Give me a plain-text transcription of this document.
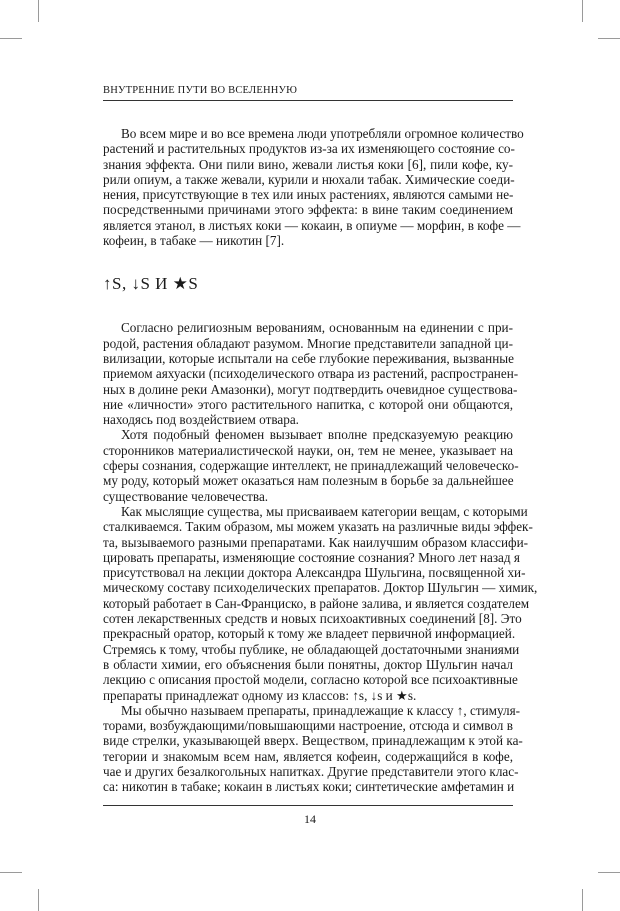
ВНУТРЕННИЕ ПУТИ ВО ВСЕЛЕННУЮ
Во всем мире и во все времена люди употребляли огромное количество
растений и растительных продуктов из-за их изменяющего состояние со-
знания эффекта. Они пили вино, жевали листья коки [6], пили кофе, ку-
рили опиум, а также жевали, курили и нюхали табак. Химические соеди-
нения, присутствующие в тех или иных растениях, являются самыми не-
посредственными причинами этого эффекта: в вине таким соединением
является этанол, в листьях коки — кокаин, в опиуме — морфин, в кофе —
кофеин, в табаке — никотин [7].
↑S, ↓S И ★S
Согласно религиозным верованиям, основанным на единении с при-
родой, растения обладают разумом. Многие представители западной ци-
вилизации, которые испытали на себе глубокие переживания, вызванные
приемом аяхуаски (психоделического отвара из растений, распространен-
ных в долине реки Амазонки), могут подтвердить очевидное существова-
ние «личности» этого растительного напитка, с которой они общаются,
находясь под воздействием отвара.
Хотя подобный феномен вызывает вполне предсказуемую реакцию
сторонников материалистической науки, он, тем не менее, указывает на
сферы сознания, содержащие интеллект, не принадлежащий человеческо-
му роду, который может оказаться нам полезным в борьбе за дальнейшее
существование человечества.
Как мыслящие существа, мы присваиваем категории вещам, с которыми
сталкиваемся. Таким образом, мы можем указать на различные виды эффек-
та, вызываемого разными препаратами. Как наилучшим образом классифи-
цировать препараты, изменяющие состояние сознания? Много лет назад я
присутствовал на лекции доктора Александра Шульгина, посвященной хи-
мическому составу психоделических препаратов. Доктор Шульгин — химик,
который работает в Сан-Франциско, в районе залива, и является создателем
сотен лекарственных средств и новых психоактивных соединений [8]. Это
прекрасный оратор, который к тому же владеет первичной информацией.
Стремясь к тому, чтобы публике, не обладающей достаточными знаниями
в области химии, его объяснения были понятны, доктор Шульгин начал
лекцию с описания простой модели, согласно которой все психоактивные
препараты принадлежат одному из классов: ↑s, ↓s и ★s.
Мы обычно называем препараты, принадлежащие к классу ↑, стимуля-
торами, возбуждающими/повышающими настроение, отсюда и символ в
виде стрелки, указывающей вверх. Веществом, принадлежащим к этой ка-
тегории и знакомым всем нам, является кофеин, содержащийся в кофе,
чае и других безалкогольных напитках. Другие представители этого клас-
са: никотин в табаке; кокаин в листьях коки; синтетические амфетамин и
14
